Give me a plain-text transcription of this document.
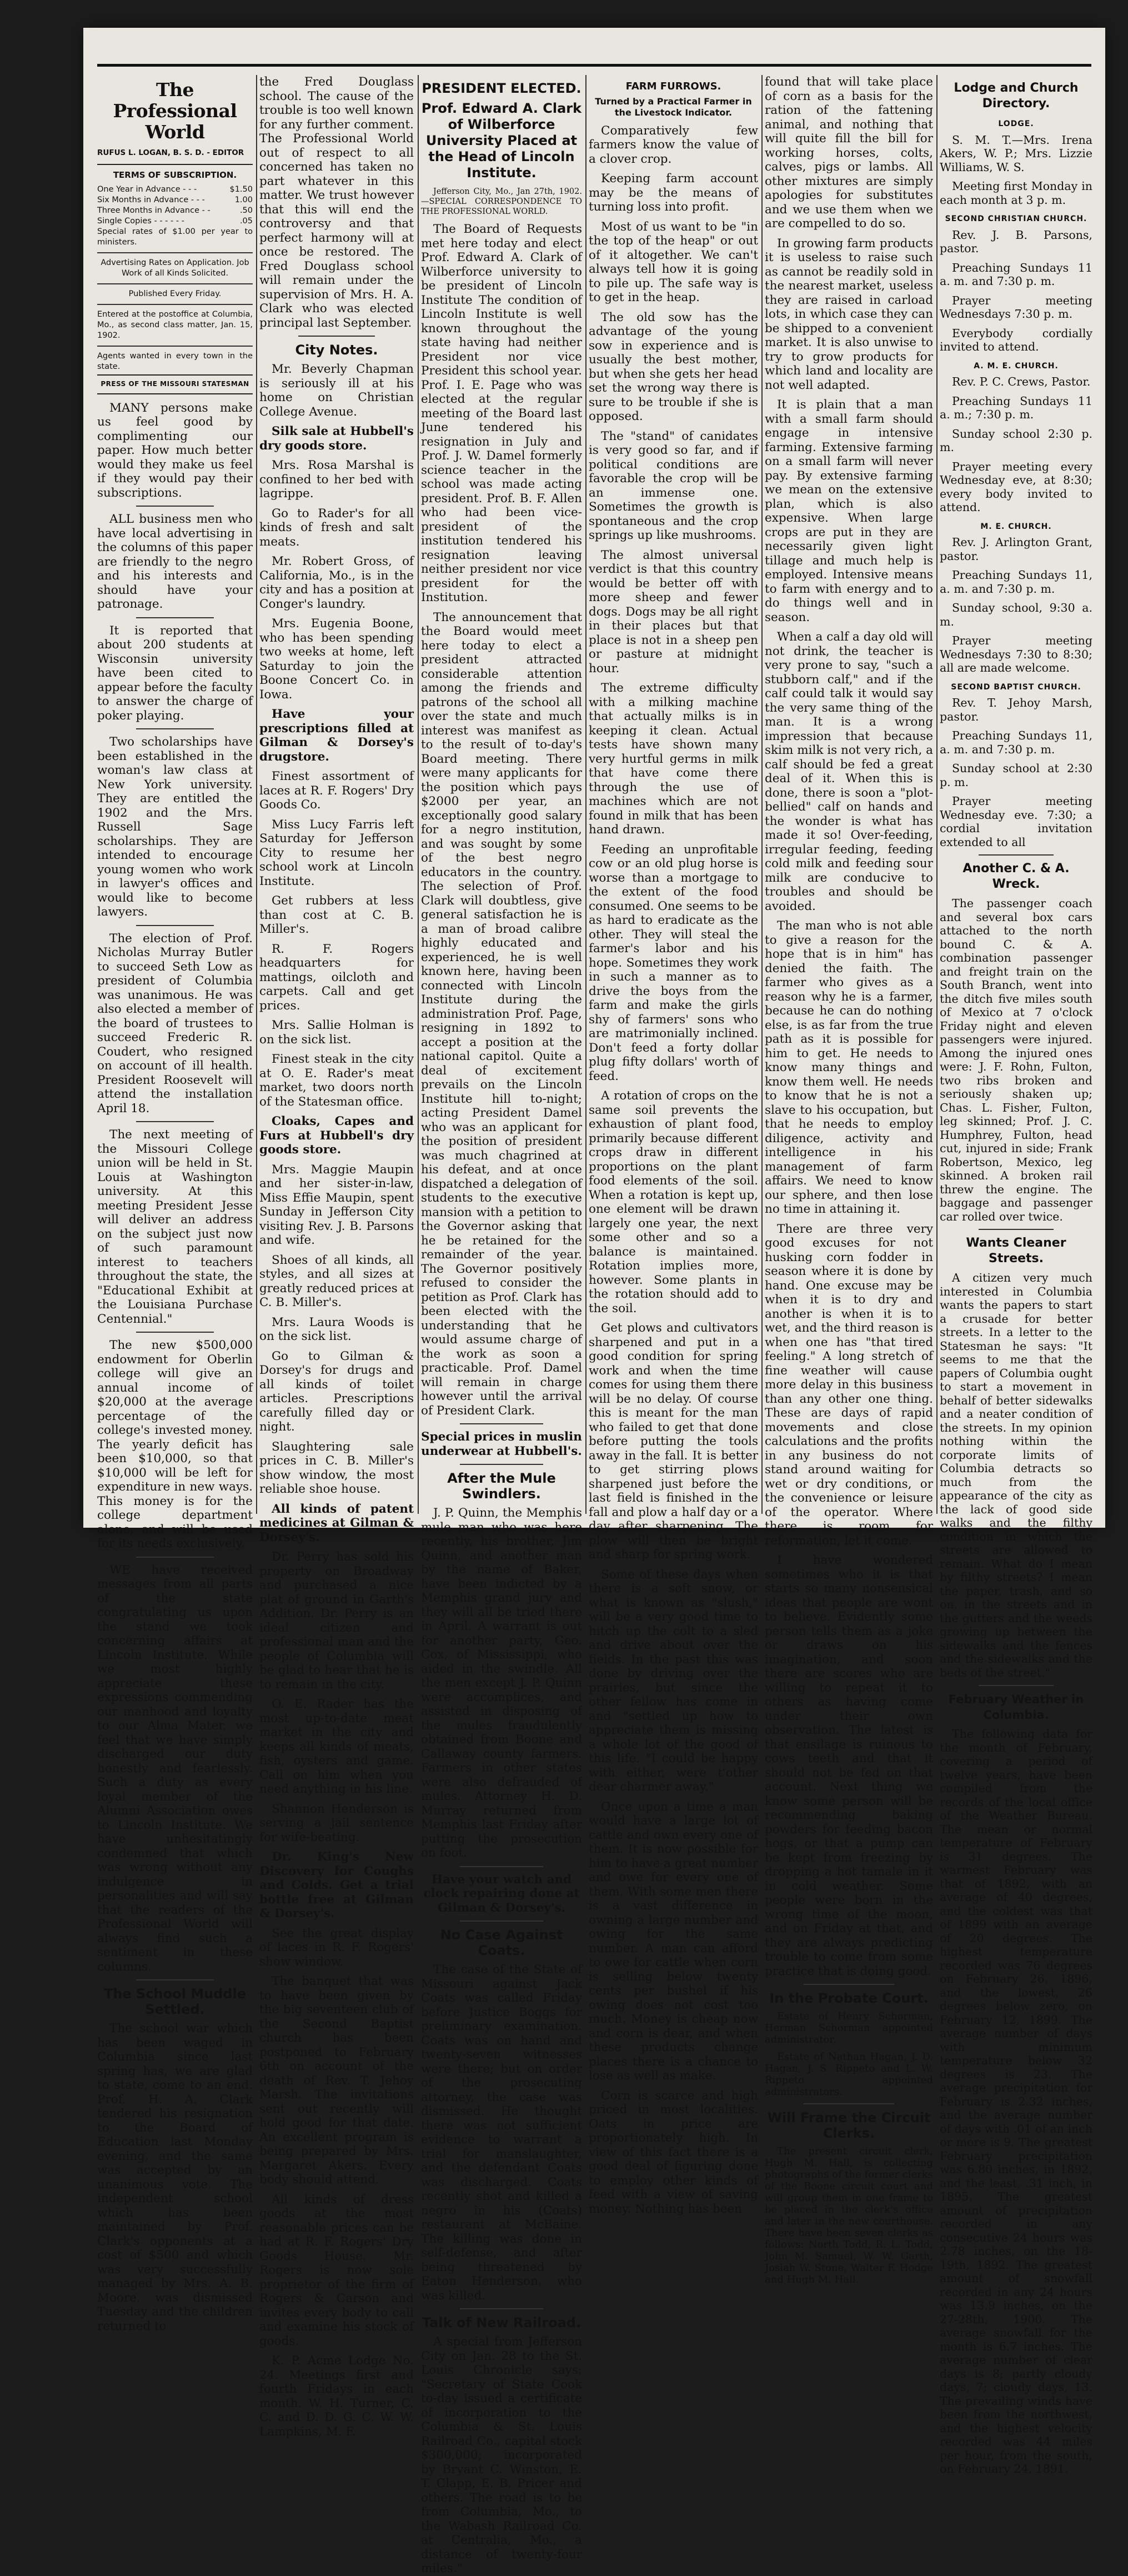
The Professional World
RUFUS L. LOGAN, B. S. D. - EDITOR
TERMS OF SUBSCRIPTION.
One Year in Advance - - -	$1.50
Six Months in Advance - - -	1.00
Three Months in Advance - -	.50
Single Copies - - - - - -	.05
Special rates of $1.00 per year to ministers.
Advertising Rates on Application. Job Work of all Kinds Solicited.
Published Every Friday.
Entered at the postoffice at Columbia, Mo., as second class matter, Jan. 15, 1902.
Agents wanted in every town in the state.
PRESS OF THE MISSOURI STATESMAN

MANY persons make us feel good by complimenting our paper. How much better would they make us feel if they would pay their subscriptions.

ALL business men who have local advertising in the columns of this paper are friendly to the negro and his interests and should have your patronage.

It is reported that about 200 students at Wisconsin university have been cited to appear before the faculty to answer the charge of poker playing.

Two scholarships have been established in the woman's law class at New York university. They are entitled the 1902 and the Mrs. Russell Sage scholarships. They are intended to encourage young women who work in lawyer's offices and would like to become lawyers.

The election of Prof. Nicholas Murray Butler to succeed Seth Low as president of Columbia was unanimous. He was also elected a member of the board of trustees to succeed Frederic R. Coudert, who resigned on account of ill health. President Roosevelt will attend the installation April 18.

The next meeting of the Missouri College union will be held in St. Louis at Washington university. At this meeting President Jesse will deliver an address on the subject just now of such paramount interest to teachers throughout the state, the "Educational Exhibit at the Louisiana Purchase Centennial."

The new $500,000 endowment for Oberlin college will give an annual income of $20,000 at the average percentage of the college's invested money. The yearly deficit has been $10,000, so that $10,000 will be left for expenditure in new ways. This money is for the college department alone, and will be used for its needs exclusively.

WE have received messages from all parts of the state congratulating us upon the stand we took concerning affairs at Lincoln Institute. While we most highly appreciate these expressions commending our manhood and loyalty to our Alma Mater, we feel that we have simply discharged our duty honestly and fearlessly. Such a duty as every loyal member of the Alumni Association owes to Lincoln Institute. We have unhesitatingly condemned that which was wrong without any indulgence in personalities and will say that the readers of the Professional World will always find such a sentiment in these columns.

The School Muddle Settled.

The school war which has been waged in Columbia since last spring has, we are glad to state, come to an end. Prof. H. A. Clark tendered his resignation to the Board of Education last Monday evening, and the same was accepted by an unanimous vote. The independent school which has been maintained by Prof. Clark's opponents at a cost of $500 and which was very successfully managed by Mrs. A. B. Moore, was dismissed Tuesday and the children returned to

the Fred Douglass school. The cause of the trouble is too well known for any further comment. The Professional World out of respect to all concerned has taken no part whatever in this matter. We trust however that this will end the controversy and that perfect harmony will at once be restored. The Fred Douglass school will remain under the supervision of Mrs. H. A. Clark who was elected principal last September.

City Notes.

Mr. Beverly Chapman is seriously ill at his home on Christian College Avenue.

Silk sale at Hubbell's dry goods store.

Mrs. Rosa Marshal is confined to her bed with lagrippe.

Go to Rader's for all kinds of fresh and salt meats.

Mr. Robert Gross, of California, Mo., is in the city and has a position at Conger's laundry.

Mrs. Eugenia Boone, who has been spending two weeks at home, left Saturday to join the Boone Concert Co. in Iowa.

Have your prescriptions filled at Gilman & Dorsey's drugstore.

Finest assortment of laces at R. F. Rogers' Dry Goods Co.

Miss Lucy Farris left Saturday for Jefferson City to resume her school work at Lincoln Institute.

Get rubbers at less than cost at C. B. Miller's.

R. F. Rogers headquarters for mattings, oilcloth and carpets. Call and get prices.

Mrs. Sallie Holman is on the sick list.

Finest steak in the city at O. E. Rader's meat market, two doors north of the Statesman office.

Cloaks, Capes and Furs at Hubbell's dry goods store.

Mrs. Maggie Maupin and her sister-in-law, Miss Effie Maupin, spent Sunday in Jefferson City visiting Rev. J. B. Parsons and wife.

Shoes of all kinds, all styles, and all sizes at greatly reduced prices at C. B. Miller's.

Mrs. Laura Woods is on the sick list.

Go to Gilman & Dorsey's for drugs and all kinds of toilet articles. Prescriptions carefully filled day or night.

Slaughtering sale prices in C. B. Miller's show window, the most reliable shoe house.

All kinds of patent medicines at Gilman & Dorsey's.

Dr. Perry has sold his property on Broadway and purchased a nice plat of ground in Garth's Addition. Dr. Perry is an ideal citizen and professional man and the people of Columbia will be glad to hear that he is to remain in the city.

O. E. Rader has the most up-to-date meat market in the city and keeps all kinds of meats, fish, oysters and game. Call on him when you need anything in his line.

Shannon Henderson is serving a jail sentence for wife-beating.

Dr. King's New Discovery for Coughs and Colds. Get a trial bottle free at Gilman & Dorsey's.

See the great display of laces in R. F. Rogers' show window.

The banquet that was to have been given by the big seventeen club of the Second Baptist church has been postponed to February 6th on account of the death of Rev. T. Jehoy Marsh. The invitations sent out recently will hold good for that date. An excellent program is being prepared by Mrs. Margaret Akers. Every body should attend.

All kinds of dress goods at the most reasonable prices can be had at R. F. Rogers' Dry Goods House. Mr. Rogers is now sole proprietor of the firm of Rogers & Carson and invites every body to call and examine his stock of goods.

K. P. Acme Lodge No. 24. Meetings first and fourth Fridays in each month. W. H. Turner, C. C. and D. D. G. C. W. W. Lampkins, M. F.

PRESIDENT ELECTED.
Prof. Edward A. Clark of Wilberforce University Placed at the Head of Lincoln Institute.

Jefferson City, Mo., Jan 27th, 1902.—SPECIAL CORRESPONDENCE TO THE PROFESSIONAL WORLD.

The Board of Requests met here today and elect Prof. Edward A. Clark of Wilberforce university to be president of Lincoln Institute The condition of Lincoln Institute is well known throughout the state having had neither President nor vice President this school year. Prof. I. E. Page who was elected at the regular meeting of the Board last June tendered his resignation in July and Prof. J. W. Damel formerly science teacher in the school was made acting president. Prof. B. F. Allen who had been vice-president of the institution tendered his resignation leaving neither president nor vice president for the Institution.

The announcement that the Board would meet here today to elect a president attracted considerable attention among the friends and patrons of the school all over the state and much interest was manifest as to the result of to-day's Board meeting. There were many applicants for the position which pays $2000 per year, an exceptionally good salary for a negro institution, and was sought by some of the best negro educators in the country. The selection of Prof. Clark will doubtless, give general satisfaction he is a man of broad calibre highly educated and experienced, he is well known here, having been connected with Lincoln Institute during the administration Prof. Page, resigning in 1892 to accept a position at the national capitol. Quite a deal of excitement prevails on the Lincoln Institute hill to-night; acting President Damel who was an applicant for the position of president was much chagrined at his defeat, and at once dispatched a delegation of students to the executive mansion with a petition to the Governor asking that he be retained for the remainder of the year. The Governor positively refused to consider the petition as Prof. Clark has been elected with the understanding that he would assume charge of the work as soon a practicable. Prof. Damel will remain in charge however until the arrival of President Clark.

Special prices in muslin underwear at Hubbell's.

After the Mule Swindlers.

J. P. Quinn, the Memphis mule man who was here recently, his brother, Jim Quinn, and another man by the name of Baker, have been indicted by a Memphis grand jury and they will all be tried there in April. A warrant is out for another party, Geo. Cox, of Mississippi, who aided in the swindle. All the men except J. P. Quinn were accomplices, and assisted in disposing of the mules fraudulently obtained from Boone and Callaway county farmers. Farmers in other states were also defrauded of mules. Attorney H. D. Murray returned from Memphis last Friday after putting the prosecution on foot.

Have your watch and clock repairing done at Gilman & Dorsey's.

No Case Against Coats.

The case of the State of Missouri against Jack Coats was called Friday before Justice Boggs for preliminary examination. Coats was on hand and twenty-seven witnesses were there; but on order of the prosecuting attorney, the case was dismissed. He thought there was not sufficient evidence to warrant a trial for manslaughter, and the defendant Coats was discharged. Coats recently shot and killed a negro in his (Coats) restaurant at McBaine. The killing was done in self-defense, and after being threatened by Eaton Henderson, who was killed.

Talk of New Railroad.

A special from Jefferson City on Jan. 28 to the St. Louis Chronicle says: "Secretary of State Cook to-day issued a certificate of incorporation to the Columbia & St. Louis Railroad Co., capital stock $300,000; incorporated by Bryant C. Winston, E. T. Clapp, E. B. Pricer and others. The road is to be from Columbia, Mo., to the Wabash Railroad Co. at Centralia, Mo., a distance of twenty-four miles."

FARM FURROWS.
Turned by a Practical Farmer in the Livestock Indicator.

Comparatively few farmers know the value of a clover crop.

Keeping farm account may be the means of turning loss into profit.

Most of us want to be "in the top of the heap" or out of it altogether. We can't always tell how it is going to pile up. The safe way is to get in the heap.

The old sow has the advantage of the young sow in experience and is usually the best mother, but when she gets her head set the wrong way there is sure to be trouble if she is opposed.

The "stand" of canidates is very good so far, and if political conditions are favorable the crop will be an immense one. Sometimes the growth is spontaneous and the crop springs up like mushrooms.

The almost universal verdict is that this country would be better off with more sheep and fewer dogs. Dogs may be all right in their places but that place is not in a sheep pen or pasture at midnight hour.

The extreme difficulty with a milking machine that actually milks is in keeping it clean. Actual tests have shown many very hurtful germs in milk that have come there through the use of machines which are not found in milk that has been hand drawn.

Feeding an unprofitable cow or an old plug horse is worse than a mortgage to the extent of the food consumed. One seems to be as hard to eradicate as the other. They will steal the farmer's labor and his hope. Sometimes they work in such a manner as to drive the boys from the farm and make the girls shy of farmers' sons who are matrimonially inclined. Don't feed a forty dollar plug fifty dollars' worth of feed.

A rotation of crops on the same soil prevents the exhaustion of plant food, primarily because different crops draw in different proportions on the plant food elements of the soil. When a rotation is kept up, one element will be drawn largely one year, the next some other and so a balance is maintained. Rotation implies more, however. Some plants in the rotation should add to the soil.

Get plows and cultivators sharpened and put in a good condition for spring work and when the time comes for using them there will be no delay. Of course this is meant for the man who failed to get that done before putting the tools away in the fall. It is better to get stirring plows sharpened just before the last field is finished in the fall and plow a half day or a day after sharpening. The plow will then be bright and sharp for spring work.

Some of these days when there is a soft snow, or what is known as "slush," will be a very good time to hitch up the colt to a sled and drive about over the fields. In the past this was done by driving over the prairies, but since the other fellow has come in and "settled up how to appreciate them is missing a whole lot of the good of this life. "I could be happy with either, were t'other dear charmer away."

Once upon a time a man would have a large lot of cattle and own every one of them. It is now possible for him to have a great number and owe for every one of them. With some men there is a vast difference in owning a large number and owing for the same number. A man can afford to owe for cattle when corn is selling below twenty cents per bushel if his owing does not cost too much. Money is cheap now and corn is dear, and when these products change places there is a chance to lose as well as make.

Corn is scarce and high priced in most localities. Oats in price are proportionately high. In view of this fact there is a good deal of figuring done to employ other kinds of feed with a view of saving money. Nothing has been

found that will take place of corn as a basis for the ration of the fattening animal, and nothing that will quite fill the bill for working horses, colts, calves, pigs or lambs. All other mixtures are simply apologies for substitutes and we use them when we are compelled to do so.

In growing farm products it is useless to raise such as cannot be readily sold in the nearest market, useless they are raised in carload lots, in which case they can be shipped to a convenient market. It is also unwise to try to grow products for which land and locality are not well adapted.

It is plain that a man with a small farm should engage in intensive farming. Extensive farming on a small farm will never pay. By extensive farming we mean on the extensive plan, which is also expensive. When large crops are put in they are necessarily given light tillage and much help is employed. Intensive means to farm with energy and to do things well and in season.

When a calf a day old will not drink, the teacher is very prone to say, "such a stubborn calf," and if the calf could talk it would say the very same thing of the man. It is a wrong impression that because skim milk is not very rich, a calf should be fed a great deal of it. When this is done, there is soon a "plot-bellied" calf on hands and the wonder is what has made it so! Over-feeding, irregular feeding, feeding cold milk and feeding sour milk are conducive to troubles and should be avoided.

The man who is not able to give a reason for the hope that is in him" has denied the faith. The farmer who gives as a reason why he is a farmer, because he can do nothing else, is as far from the true path as it is possible for him to get. He needs to know many things and know them well. He needs to know that he is not a slave to his occupation, but that he needs to employ diligence, activity and intelligence in his management of farm affairs. We need to know our sphere, and then lose no time in attaining it.

There are three very good excuses for not husking corn fodder in season where it is done by hand. One excuse may be when it is to dry and another is when it is to wet, and the third reason is when one has "that tired feeling." A long stretch of fine weather will cause more delay in this business than any other one thing. These are days of rapid movements and close calculations and the profits in any business do not stand around waiting for wet or dry conditions, or the convenience or leisure of the operator. Where there is room for reformation, let it come.

I have wondered sometimes who it is that starts so many nonsensical ideas that people are wont to believe. Evidently some person tells them as a joke or draws on his imagination, and soon there are scores who are willing to repeat it to others as having come under their own observation. The latest is that ensilage is ruinous to cows teeth and that it should not be fed on that account. Next thing we know some person will be recommending baking powders for feeding bacon hogs, or that a pump can be kept from freezing by dropping a hot tamale in it in cold weather. Some people were born in the wrong time of the moon, and on Friday at that, and they are always predicting trouble to come from some practice that is doing good.

In the Probate Court.

Estate of Henry Schorman, Herman Schorman appointed administrator.

Estate of Nathan Hagan, J. D. Hagan, J. S. Rippeto and L. W. Rippeto appointed administrators.

Will Frame the Circuit Clerks.

The present circuit clerk, Hugh M. Hall, is collecting photographs of the former clerks of the Boone circuit court and will group them in one frame to be placed in the clerk's office and later in the new courthouse. There have been seven clerks as follows: North Todd, R. L. Todd, John M. Samuel, W. W. Garth, Josiah W. Stone, Walter F. Hodge and Hugh M. Hall.

Lodge and Church Directory.
LODGE.

S. M. T.—Mrs. Irena Akers, W. P.; Mrs. Lizzie Williams, W. S.

Meeting first Monday in each month at 3 p. m.

SECOND CHRISTIAN CHURCH.

Rev. J. B. Parsons, pastor.

Preaching Sundays 11 a. m. and 7:30 p. m.

Prayer meeting Wednesdays 7:30 p. m.

Everybody cordially invited to attend.

A. M. E. CHURCH.

Rev. P. C. Crews, Pastor.

Preaching Sundays 11 a. m.; 7:30 p. m.

Sunday school 2:30 p. m.

Prayer meeting every Wednesday eve, at 8:30; every body invited to attend.

M. E. CHURCH.

Rev. J. Arlington Grant, pastor.

Preaching Sundays 11, a. m. and 7:30 p. m.

Sunday school, 9:30 a. m.

Prayer meeting Wednesdays 7:30 to 8:30; all are made welcome.

SECOND BAPTIST CHURCH.

Rev. T. Jehoy Marsh, pastor.

Preaching Sundays 11, a. m. and 7:30 p. m.

Sunday school at 2:30 p. m.

Prayer meeting Wednesday eve. 7:30; a cordial invitation extended to all

Another C. & A. Wreck.

The passenger coach and several box cars attached to the north bound C. & A. combination passenger and freight train on the South Branch, went into the ditch five miles south of Mexico at 7 o'clock Friday night and eleven passengers were injured. Among the injured ones were: J. F. Rohn, Fulton, two ribs broken and seriously shaken up; Chas. L. Fisher, Fulton, leg skinned; Prof. J. C. Humphrey, Fulton, head cut, injured in side; Frank Robertson, Mexico, leg skinned. A broken rail threw the engine. The baggage and passenger car rolled over twice.

Wants Cleaner Streets.

A citizen very much interested in Columbia wants the papers to start a crusade for better streets. In a letter to the Statesman he says: "It seems to me that the papers of Columbia ought to start a movement in behalf of better sidewalks and a neater condition of the streets. In my opinion nothing within the corporate limits of Columbia detracts so much from the appearance of the city as the lack of good side walks and the filthy condition in which the streets are allowed to remain. What do I mean by filthy streets? I mean the paper, trash, and so on, in the streets and in the gutters and the weeds growing up between the sidewalks and the fences and the sidewalks and the beds of the street."

February Weather in Columbia.

The following data for the month of February, covering a period of twelve years, have been compiled from the records of the local office of the Weather Bureau. The mean or normal temperature of February is 31 degrees. The warmest February was that of 1892, with an average of 40 degrees, and the coldest was that of 1899 with an average of 20 degrees. The highest temperature recorded was 76 degrees on February 26, 1896, and the lowest, 26 degrees below zero, on February 12, 1899. The average number of days with minimum temperature below 32 degrees is 23. The average precipitation for February is 2.32 inches, and the average number of days with .01 of an inch or more is 9. The greatest February precipitation was 6.80 inches, in 1892, and the least, .31 inch, in 1895. The greatest amount of precipitation recorded in any consecutive 24 hours was 2.78 inches, on the 18-19th, 1892. The greatest amount of snowfall recorded in any 24 hours was 13.9 inches, on the 27-28th, 1900. The average snowfall for the month is 6.7 inches. The average number of clear days is 8; partly cloudy days, 7; cloudy days, 13. The prevailing winds have been from the northwest, and the highest velocity recorded was 44 miles per hour, from the south, on February 24, 1891.
